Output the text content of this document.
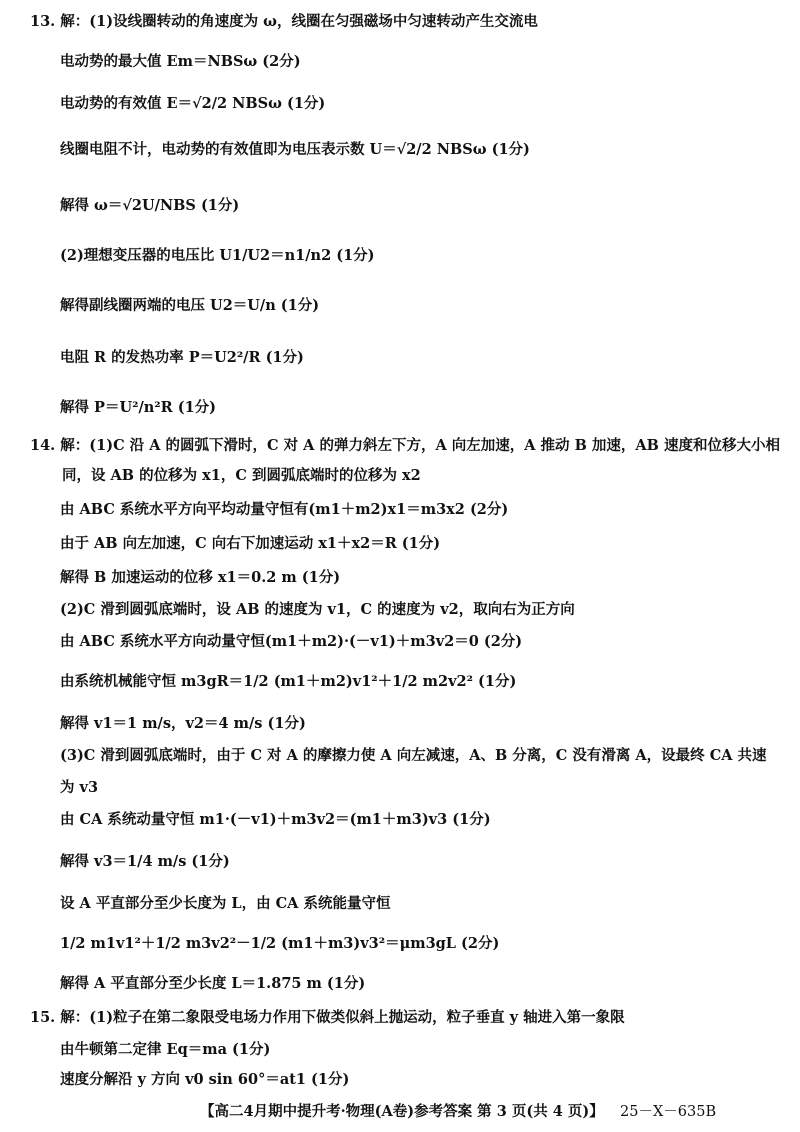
13. 解：(1)设线圈转动的角速度为 ω，线圈在匀强磁场中匀速转动产生交流电
电动势的最大值 Em＝NBSω (2分)
电动势的有效值 E＝√2/2 NBSω (1分)
线圈电阻不计，电动势的有效值即为电压表示数 U＝√2/2 NBSω (1分)
解得 ω＝√2U/NBS (1分)
(2)理想变压器的电压比 U1/U2＝n1/n2 (1分)
解得副线圈两端的电压 U2＝U/n (1分)
电阻 R 的发热功率 P＝U2²/R (1分)
解得 P＝U²/n²R (1分)
14. 解：(1)C 沿 A 的圆弧下滑时，C 对 A 的弹力斜左下方，A 向左加速，A 推动 B 加速，AB 速度和位移大小相
同，设 AB 的位移为 x1，C 到圆弧底端时的位移为 x2
由 ABC 系统水平方向平均动量守恒有(m1＋m2)x1＝m3x2 (2分)
由于 AB 向左加速，C 向右下加速运动 x1＋x2＝R (1分)
解得 B 加速运动的位移 x1＝0.2 m (1分)
(2)C 滑到圆弧底端时，设 AB 的速度为 v1，C 的速度为 v2，取向右为正方向
由 ABC 系统水平方向动量守恒(m1＋m2)·(－v1)＋m3v2＝0 (2分)
由系统机械能守恒 m3gR＝1/2 (m1＋m2)v1²＋1/2 m2v2² (1分)
解得 v1＝1 m/s，v2＝4 m/s (1分)
(3)C 滑到圆弧底端时，由于 C 对 A 的摩擦力使 A 向左减速，A、B 分离，C 没有滑离 A，设最终 CA 共速
为 v3
由 CA 系统动量守恒 m1·(－v1)＋m3v2＝(m1＋m3)v3 (1分)
解得 v3＝1/4 m/s (1分)
设 A 平直部分至少长度为 L，由 CA 系统能量守恒
1/2 m1v1²＋1/2 m3v2²－1/2 (m1＋m3)v3²＝μm3gL (2分)
解得 A 平直部分至少长度 L＝1.875 m (1分)
15. 解：(1)粒子在第二象限受电场力作用下做类似斜上抛运动，粒子垂直 y 轴进入第一象限
由牛顿第二定律 Eq＝ma (1分)
速度分解沿 y 方向 v0 sin 60°＝at1 (1分)
【高二4月期中提升考·物理(A卷)参考答案 第 3 页(共 4 页)】 25－X－635B
